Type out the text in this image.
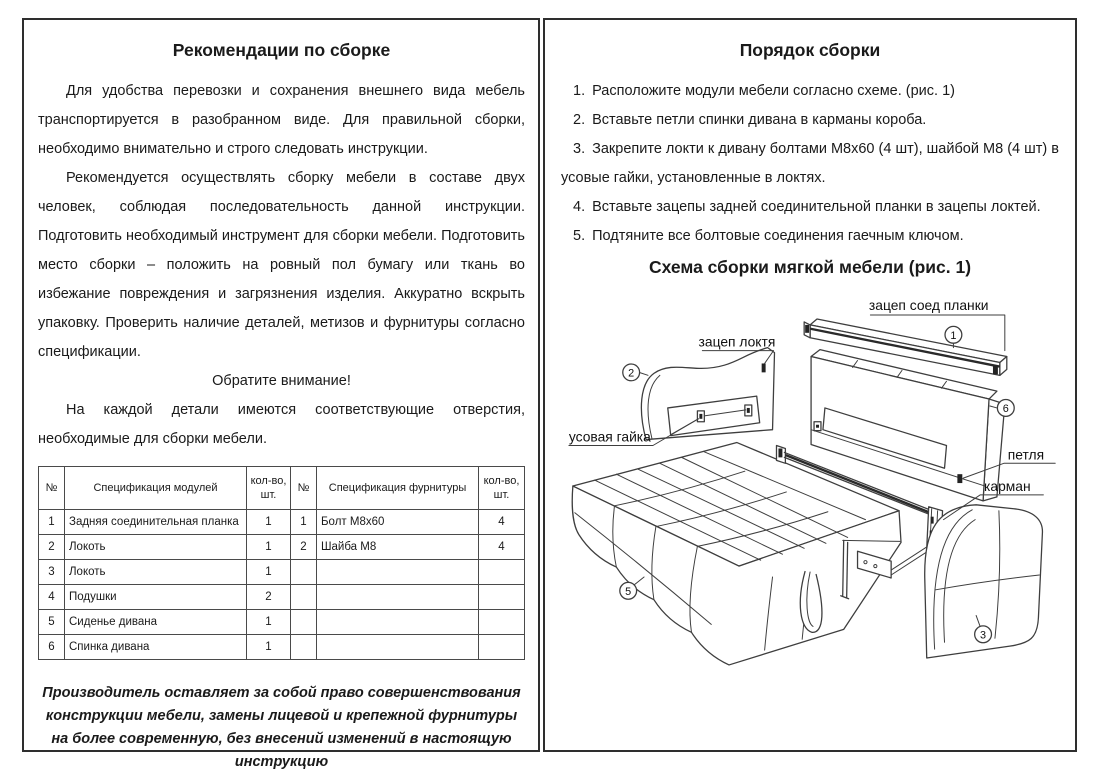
Рекомендации по сборке

Для удобства перевозки и сохранения внешнего вида мебель транспортируется в разобранном виде. Для правильной сборки, необходимо внимательно и строго следовать инструкции.

Рекомендуется осуществлять сборку мебели в составе двух человек, соблюдая последовательность данной инструкции. Подготовить необходимый инструмент для сборки мебели. Подготовить место сборки – положить на ровный пол бумагу или ткань во избежание повреждения и загрязнения изделия. Аккуратно вскрыть упаковку. Проверить наличие деталей, метизов и фурнитуры согласно спецификации.

Обратите внимание!

На каждой детали имеются соответствующие отверстия, необходимые для сборки мебели.

№	Спецификация модулей	кол-во, шт.	№	Спецификация фурнитуры	кол-во, шт.
1	Задняя соединительная планка	1	1	Болт М8х60	4
2	Локоть	1	2	Шайба М8	4
3	Локоть	1			
4	Подушки	2			
5	Сиденье дивана	1			
6	Спинка дивана	1			

Производитель оставляет за собой право совершенствования конструкции мебели, замены лицевой и крепежной фурнитуры на более современную, без внесений изменений в настоящую инструкцию

Порядок сборки

1. Расположите модули мебели согласно схеме. (рис. 1)

2. Вставьте петли спинки дивана в карманы короба.

3. Закрепите локти к дивану болтами М8х60 (4 шт), шайбой М8 (4 шт) в усовые гайки, установленные в локтях.

4. Вставьте зацепы задней соединительной планки в зацепы локтей.

5. Подтяните все болтовые соединения гаечным ключом.

Схема сборки мягкой мебели (рис. 1)
зацеп соед планки
зацеп локтя
усовая гайка
петля
карман
1
2
6
5
3
